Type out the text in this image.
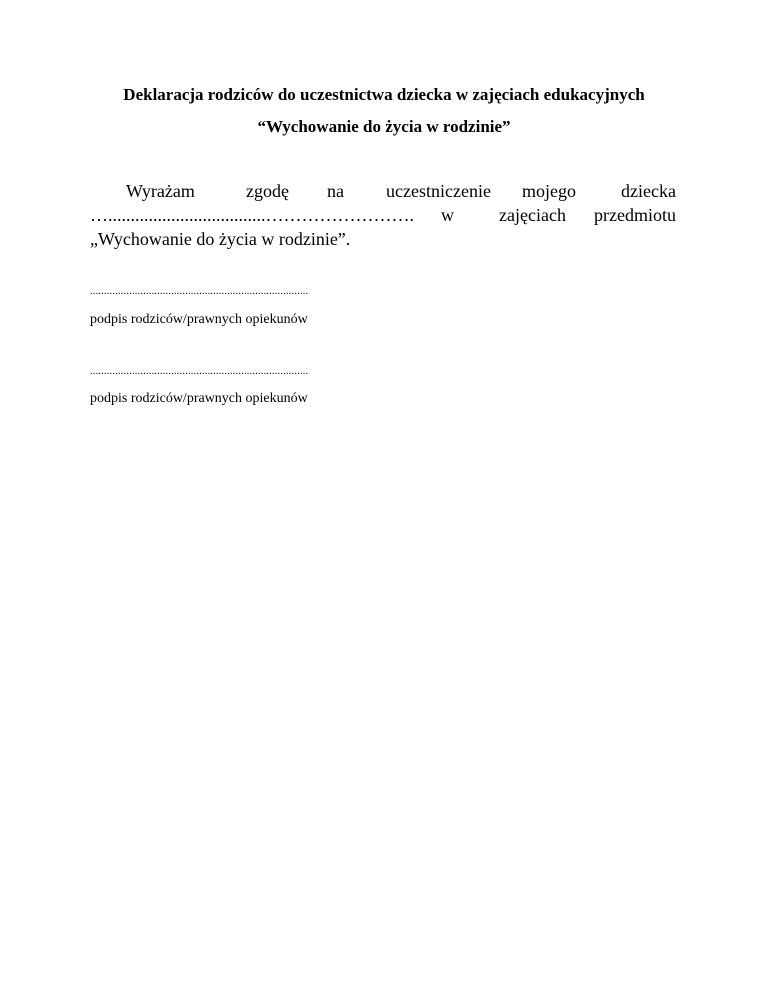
Deklaracja rodziców do uczestnictwa dziecka w zajęciach edukacyjnych
“Wychowanie do życia w rodzinie”
Wyrażam	zgodę na uczestniczenie mojego	dziecka
…...................................……………………. w	zajęciach przedmiotu
„Wychowanie do życia w rodzinie”.
..............................................................................
podpis rodziców/prawnych opiekunów
..............................................................................
podpis rodziców/prawnych opiekunów
